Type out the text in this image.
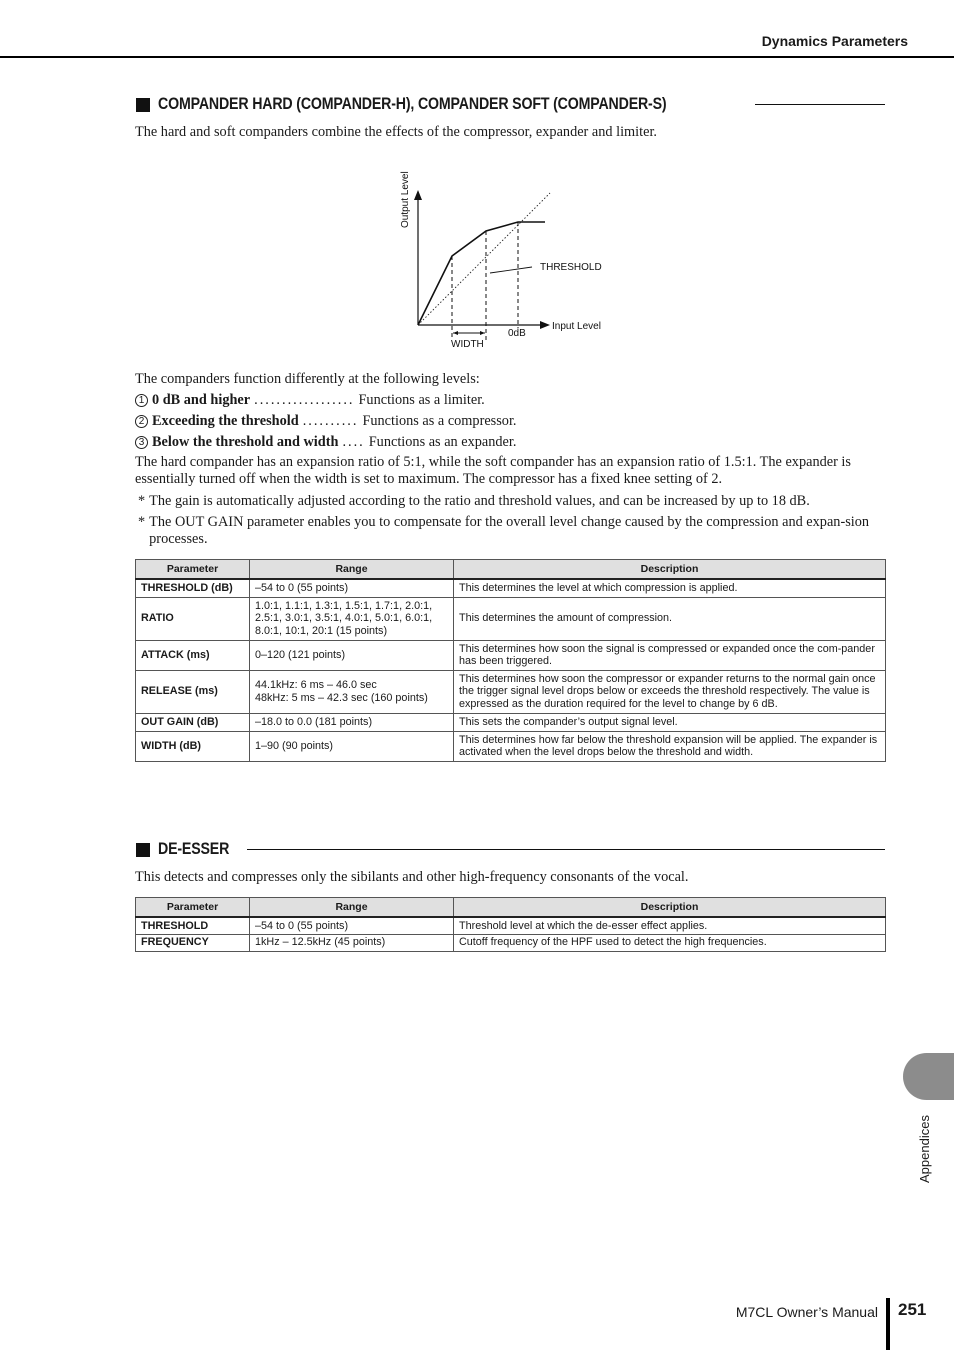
Dynamics Parameters
COMPANDER HARD (COMPANDER-H), COMPANDER SOFT (COMPANDER-S)
The hard and soft companders combine the effects of the compressor, expander and limiter.
Output Level
Input Level
THRESHOLD
WIDTH
0dB
The companders function differently at the following levels:
1 0 dB and higher .................. Functions as a limiter.
2 Exceeding the threshold .......... Functions as a compressor.
3 Below the threshold and width .... Functions as an expander.
The hard compander has an expansion ratio of 5:1, while the soft compander has an expansion ratio of 1.5:1. The expander is essentially turned off when the width is set to maximum. The compressor has a fixed knee setting of 2.
* The gain is automatically adjusted according to the ratio and threshold values, and can be increased by up to 18 dB.
* The OUT GAIN parameter enables you to compensate for the overall level change caused by the compression and expan-sion processes.
Parameter	Range	Description
THRESHOLD (dB)	–54 to 0 (55 points)	This determines the level at which compression is applied.
RATIO	1.0:1, 1.1:1, 1.3:1, 1.5:1, 1.7:1, 2.0:1, 2.5:1, 3.0:1, 3.5:1, 4.0:1, 5.0:1, 6.0:1, 8.0:1, 10:1, 20:1 (15 points)	This determines the amount of compression.
ATTACK (ms)	0–120 (121 points)	This determines how soon the signal is compressed or expanded once the com-pander has been triggered.
RELEASE (ms)	44.1kHz: 6 ms – 46.0 sec
48kHz: 5 ms – 42.3 sec (160 points)	This determines how soon the compressor or expander returns to the normal gain once the trigger signal level drops below or exceeds the threshold respectively. The value is expressed as the duration required for the level to change by 6 dB.
OUT GAIN (dB)	–18.0 to 0.0 (181 points)	This sets the compander’s output signal level.
WIDTH (dB)	1–90 (90 points)	This determines how far below the threshold expansion will be applied. The expander is activated when the level drops below the threshold and width.
DE-ESSER
This detects and compresses only the sibilants and other high-frequency consonants of the vocal.
Parameter	Range	Description
THRESHOLD	–54 to 0 (55 points)	Threshold level at which the de-esser effect applies.
FREQUENCY	1kHz – 12.5kHz (45 points)	Cutoff frequency of the HPF used to detect the high frequencies.
Appendices
M7CL Owner’s Manual 251
